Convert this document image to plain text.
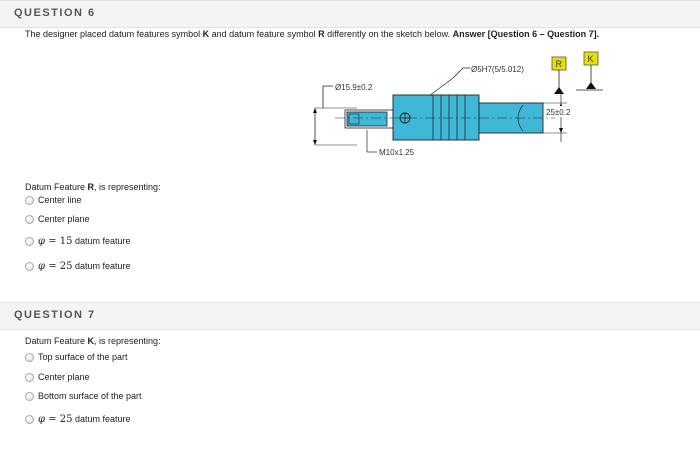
QUESTION 6
The designer placed datum features symbol K and datum feature symbol R differently on the sketch below. Answer [Question 6 – Question 7].
R	K
Ø15.9±0.2
Ø5H7(5/5.012)
25±0.2
M10x1.25
Datum Feature R, is representing:
Center line
Center plane
φ = 15 datum feature
φ = 25 datum feature
QUESTION 7
Datum Feature K, is representing:
Top surface of the part
Center plane
Bottom surface of the part
φ = 25 datum feature
